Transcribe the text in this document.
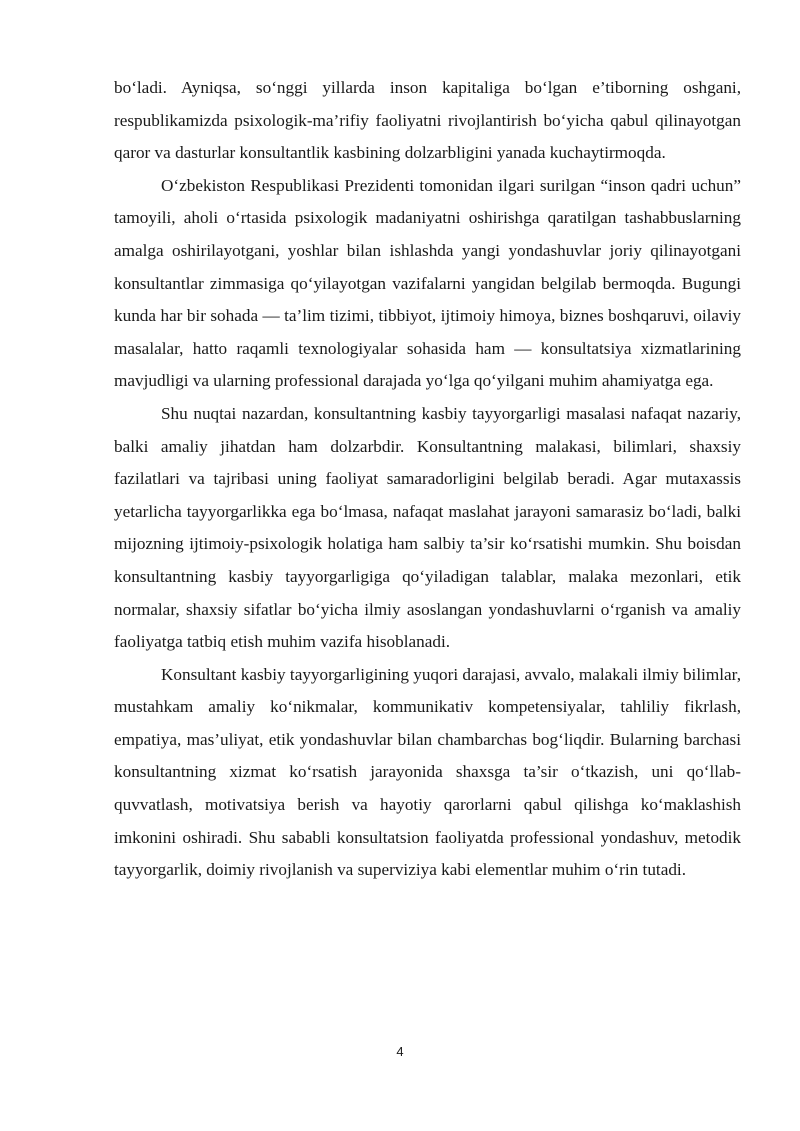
bo‘ladi. Ayniqsa, so‘nggi yillarda inson kapitaliga bo‘lgan e’tiborning oshgani, respublikamizda psixologik-ma’rifiy faoliyatni rivojlantirish bo‘yicha qabul qilinayotgan qaror va dasturlar konsultantlik kasbining dolzarbligini yanada kuchaytirmoqda.

O‘zbekiston Respublikasi Prezidenti tomonidan ilgari surilgan “inson qadri uchun” tamoyili, aholi o‘rtasida psixologik madaniyatni oshirishga qaratilgan tashabbuslarning amalga oshirilayotgani, yoshlar bilan ishlashda yangi yondashuvlar joriy qilinayotgani konsultantlar zimmasiga qo‘yilayotgan vazifalarni yangidan belgilab bermoqda. Bugungi kunda har bir sohada — ta’lim tizimi, tibbiyot, ijtimoiy himoya, biznes boshqaruvi, oilaviy masalalar, hatto raqamli texnologiyalar sohasida ham — konsultatsiya xizmatlarining mavjudligi va ularning professional darajada yo‘lga qo‘yilgani muhim ahamiyatga ega.

Shu nuqtai nazardan, konsultantning kasbiy tayyorgarligi masalasi nafaqat nazariy, balki amaliy jihatdan ham dolzarbdir. Konsultantning malakasi, bilimlari, shaxsiy fazilatlari va tajribasi uning faoliyat samaradorligini belgilab beradi. Agar mutaxassis yetarlicha tayyorgarlikka ega bo‘lmasa, nafaqat maslahat jarayoni samarasiz bo‘ladi, balki mijozning ijtimoiy-psixologik holatiga ham salbiy ta’sir ko‘rsatishi mumkin. Shu boisdan konsultantning kasbiy tayyorgarligiga qo‘yiladigan talablar, malaka mezonlari, etik normalar, shaxsiy sifatlar bo‘yicha ilmiy asoslangan yondashuvlarni o‘rganish va amaliy faoliyatga tatbiq etish muhim vazifa hisoblanadi.

Konsultant kasbiy tayyorgarligining yuqori darajasi, avvalo, malakali ilmiy bilimlar, mustahkam amaliy ko‘nikmalar, kommunikativ kompetensiyalar, tahliliy fikrlash, empatiya, mas’uliyat, etik yondashuvlar bilan chambarchas bog‘liqdir. Bularning barchasi konsultantning xizmat ko‘rsatish jarayonida shaxsga ta’sir o‘tkazish, uni qo‘llab-quvvatlash, motivatsiya berish va hayotiy qarorlarni qabul qilishga ko‘maklashish imkonini oshiradi. Shu sababli konsultatsion faoliyatda professional yondashuv, metodik tayyorgarlik, doimiy rivojlanish va superviziya kabi elementlar muhim o‘rin tutadi.

4
